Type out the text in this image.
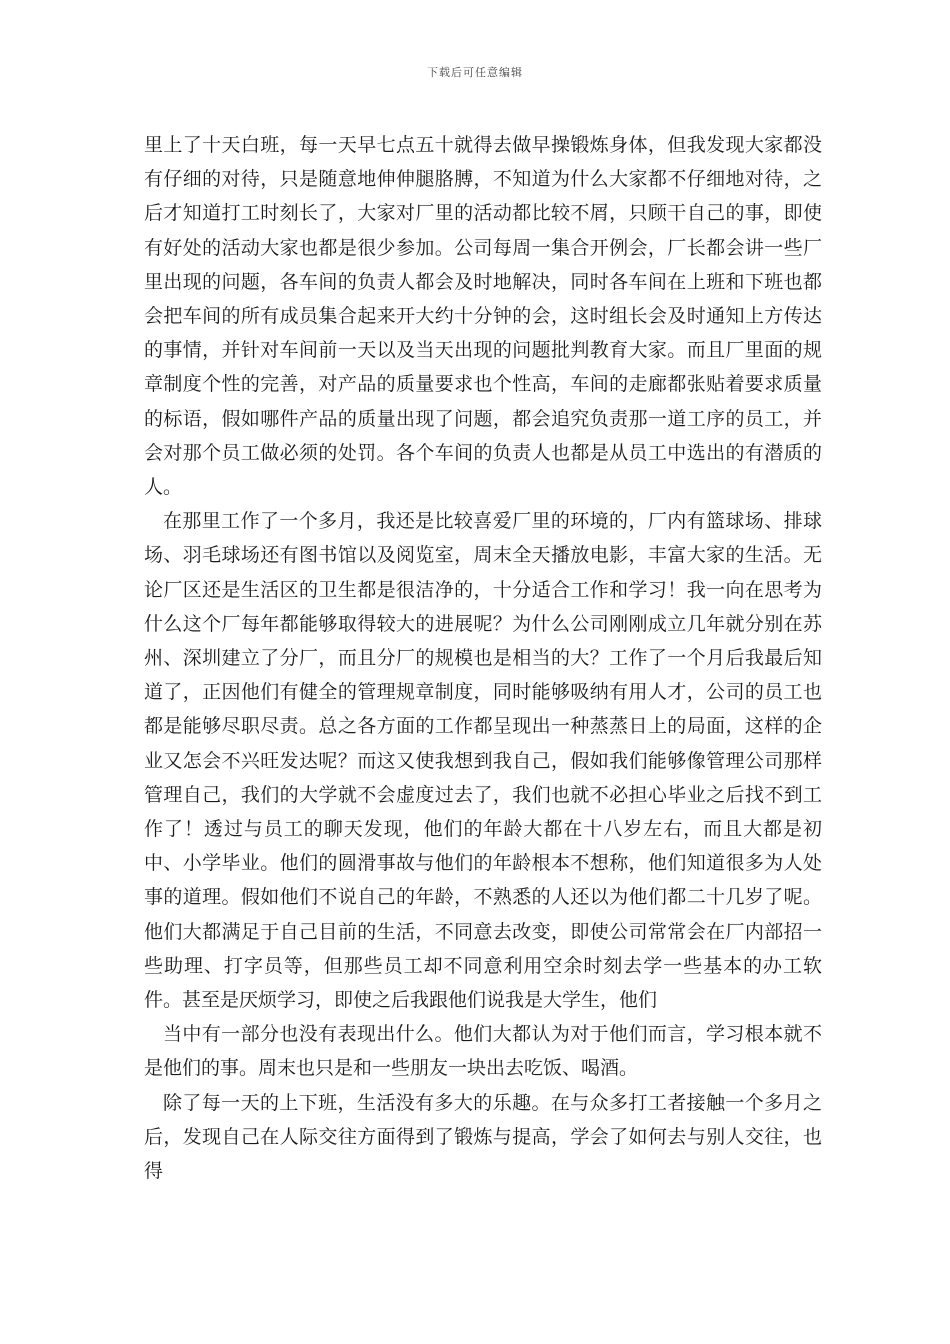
下载后可任意编辑

里上了十天白班，每一天早七点五十就得去做早操锻炼身体，但我发现大家都没有仔细的对待，只是随意地伸伸腿胳膊，不知道为什么大家都不仔细地对待，之后才知道打工时刻长了，大家对厂里的活动都比较不屑，只顾干自己的事，即使有好处的活动大家也都是很少参加。公司每周一集合开例会，厂长都会讲一些厂里出现的问题，各车间的负责人都会及时地解决，同时各车间在上班和下班也都会把车间的所有成员集合起来开大约十分钟的会，这时组长会及时通知上方传达的事情，并针对车间前一天以及当天出现的问题批判教育大家。而且厂里面的规章制度个性的完善，对产品的质量要求也个性高，车间的走廊都张贴着要求质量的标语，假如哪件产品的质量出现了问题，都会追究负责那一道工序的员工，并会对那个员工做必须的处罚。各个车间的负责人也都是从员工中选出的有潜质的人。

在那里工作了一个多月，我还是比较喜爱厂里的环境的，厂内有篮球场、排球场、羽毛球场还有图书馆以及阅览室，周末全天播放电影，丰富大家的生活。无论厂区还是生活区的卫生都是很洁净的，十分适合工作和学习！我一向在思考为什么这个厂每年都能够取得较大的进展呢？为什么公司刚刚成立几年就分别在苏州、深圳建立了分厂，而且分厂的规模也是相当的大？工作了一个月后我最后知道了，正因他们有健全的管理规章制度，同时能够吸纳有用人才，公司的员工也都是能够尽职尽责。总之各方面的工作都呈现出一种蒸蒸日上的局面，这样的企业又怎会不兴旺发达呢？而这又使我想到我自己，假如我们能够像管理公司那样管理自己，我们的大学就不会虚度过去了，我们也就不必担心毕业之后找不到工作了！透过与员工的聊天发现，他们的年龄大都在十八岁左右，而且大都是初中、小学毕业。他们的圆滑事故与他们的年龄根本不想称，他们知道很多为人处事的道理。假如他们不说自己的年龄，不熟悉的人还以为他们都二十几岁了呢。他们大都满足于自己目前的生活，不同意去改变，即使公司常常会在厂内部招一些助理、打字员等，但那些员工却不同意利用空余时刻去学一些基本的办工软件。甚至是厌烦学习，即使之后我跟他们说我是大学生，他们

当中有一部分也没有表现出什么。他们大都认为对于他们而言，学习根本就不是他们的事。周末也只是和一些朋友一块出去吃饭、喝酒。

除了每一天的上下班，生活没有多大的乐趣。在与众多打工者接触一个多月之后，发现自己在人际交往方面得到了锻炼与提高，学会了如何去与别人交往，也得
